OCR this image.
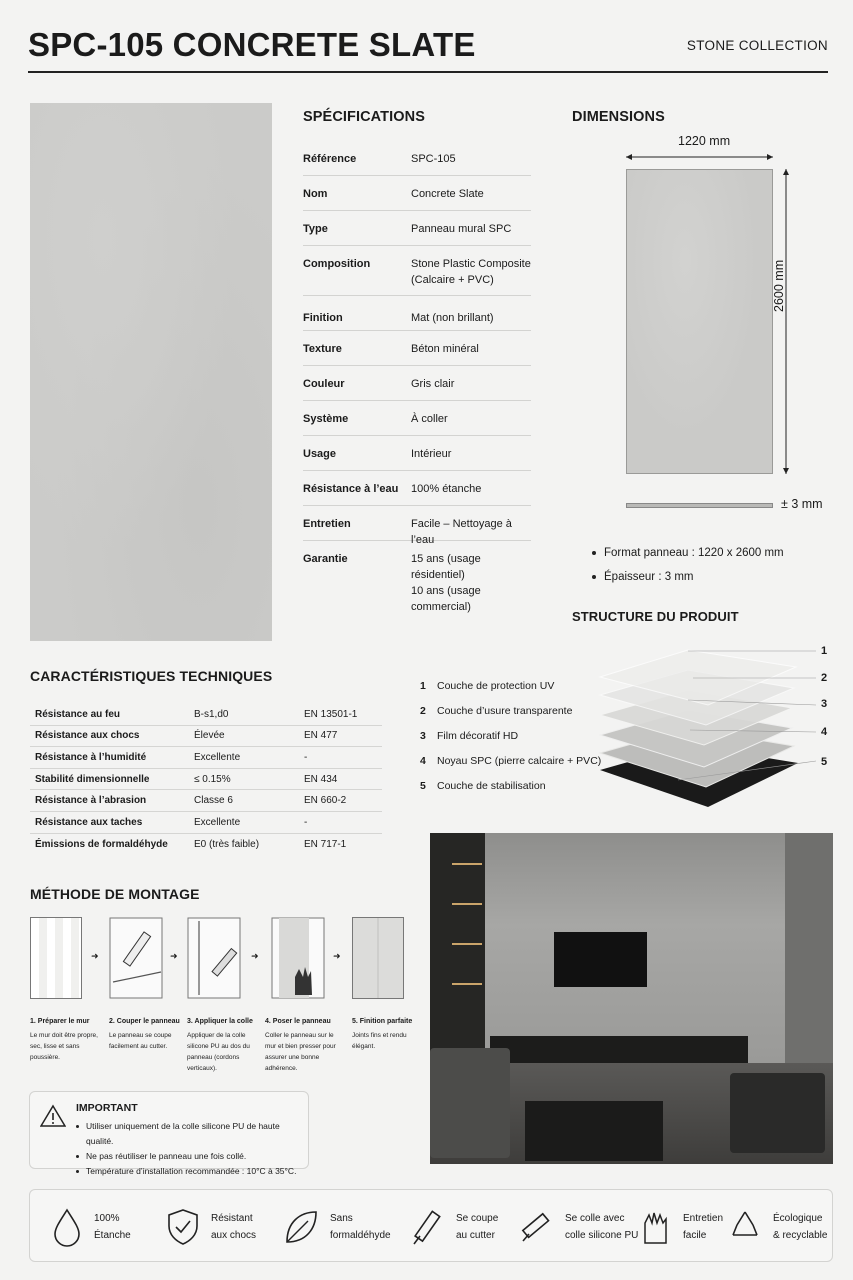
SPC-105 CONCRETE SLATE	STONE COLLECTION
SPÉCIFICATIONS
Référence	SPC-105
Nom	Concrete Slate
Type	Panneau mural SPC
Composition	Stone Plastic Composite
(Calcaire + PVC)
Finition	Mat (non brillant)
Texture	Béton minéral
Couleur	Gris clair
Système	À coller
Usage	Intérieur
Résistance à l’eau	100% étanche
Entretien	Facile – Nettoyage à l’eau
Garantie	15 ans (usage résidentiel)
10 ans (usage commercial)
DIMENSIONS
1220 mm
2600 mm
± 3 mm
Format panneau : 1220 x 2600 mm
Épaisseur : 3 mm
STRUCTURE DU PRODUIT
1	Couche de protection UV
2	Couche d’usure transparente
3	Film décoratif HD
4	Noyau SPC (pierre calcaire + PVC)
5	Couche de stabilisation
1
2
3
4
5
CARACTÉRISTIQUES TECHNIQUES
Résistance au feu	B-s1,d0	EN 13501-1
Résistance aux chocs	Élevée	EN 477
Résistance à l’humidité	Excellente	-
Stabilité dimensionnelle	≤ 0.15%	EN 434
Résistance à l’abrasion	Classe 6	EN 660-2
Résistance aux taches	Excellente	-
Émissions de formaldéhyde	E0 (très faible)	EN 717-1
MÉTHODE DE MONTAGE
➜	➜	➜	➜
1. Préparer le mur
Le mur doit être propre, sec, lisse et sans poussière.
2. Couper le panneau
Le panneau se coupe facilement au cutter.
3. Appliquer la colle
Appliquer de la colle silicone PU au dos du panneau (cordons verticaux).
4. Poser le panneau
Coller le panneau sur le mur et bien presser pour assurer une bonne adhérence.
5. Finition parfaite
Joints fins et rendu élégant.
IMPORTANT
Utiliser uniquement de la colle silicone PU de haute qualité.
Ne pas réutiliser le panneau une fois collé.
Température d’installation recommandée : 10°C à 35°C.
100%
Étanche
Résistant
aux chocs
Sans
formaldéhyde
Se coupe
au cutter
Se colle avec
colle silicone PU
Entretien
facile
Écologique
& recyclable
